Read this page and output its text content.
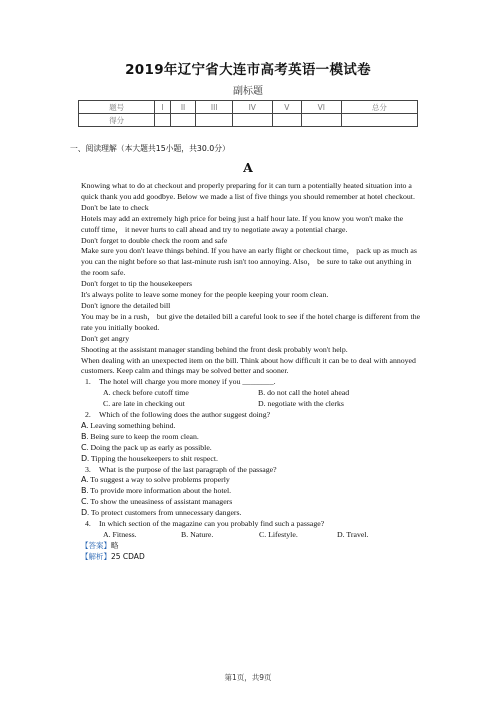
2019年辽宁省大连市高考英语一模试卷
副标题
题号	I	II	III	IV	V	VI	总分
得分							
一、阅读理解（本大题共15小题，共30.0分）
A

Knowing what to do at checkout and properly preparing for it can turn a potentially heated situation into a quick thank you add goodbye. Below we made a list of five things you should remember at hotel checkout.

Don't be late to check

Hotels may add an extremely high price for being just a half hour late. If you know you won't make the cutoff time， it never hurts to call ahead and try to negotiate away a potential charge.

Don't forget to double check the room and safe

Make sure you don't leave things behind. If you have an early flight or checkout time， pack up as much as you can the night before so that last-minute rush isn't too annoying. Also， be sure to take out anything in the room safe.

Don't forget to tip the housekeepers

It's always polite to leave some money for the people keeping your room clean.

Don't ignore the detailed bill

You may be in a rush， but give the detailed bill a careful look to see if the hotel charge is different from the rate you initially booked.

Don't get angry

Shooting at the assistant manager standing behind the front desk probably won't help.

When dealing with an unexpected item on the bill. Think about how difficult it can be to deal with annoyed customers. Keep calm and things may be solved better and sooner.

1. The hotel will charge you more money if you ________.

A. check before cutoff time	B. do not call the hotel ahead
C. are late in checking out	D. negotiate with the clerks

2. Which of the following does the author suggest doing?

A. Leaving something behind.

B. Being sure to keep the room clean.

C. Doing the pack up as early as possible.

D. Tipping the housekeepers to shit respect.

3. What is the purpose of the last paragraph of the passage?

A. To suggest a way to solve problems properly

B. To provide more information about the hotel.

C. To show the uneasiness of assistant managers

D. To protect customers from unnecessary dangers.

4. In which section of the magazine can you probably find such a passage?

A. Fitness.	B. Nature.	C. Lifestyle.	D. Travel.

【答案】略

【解析】25 CDAD

第1页，共9页
